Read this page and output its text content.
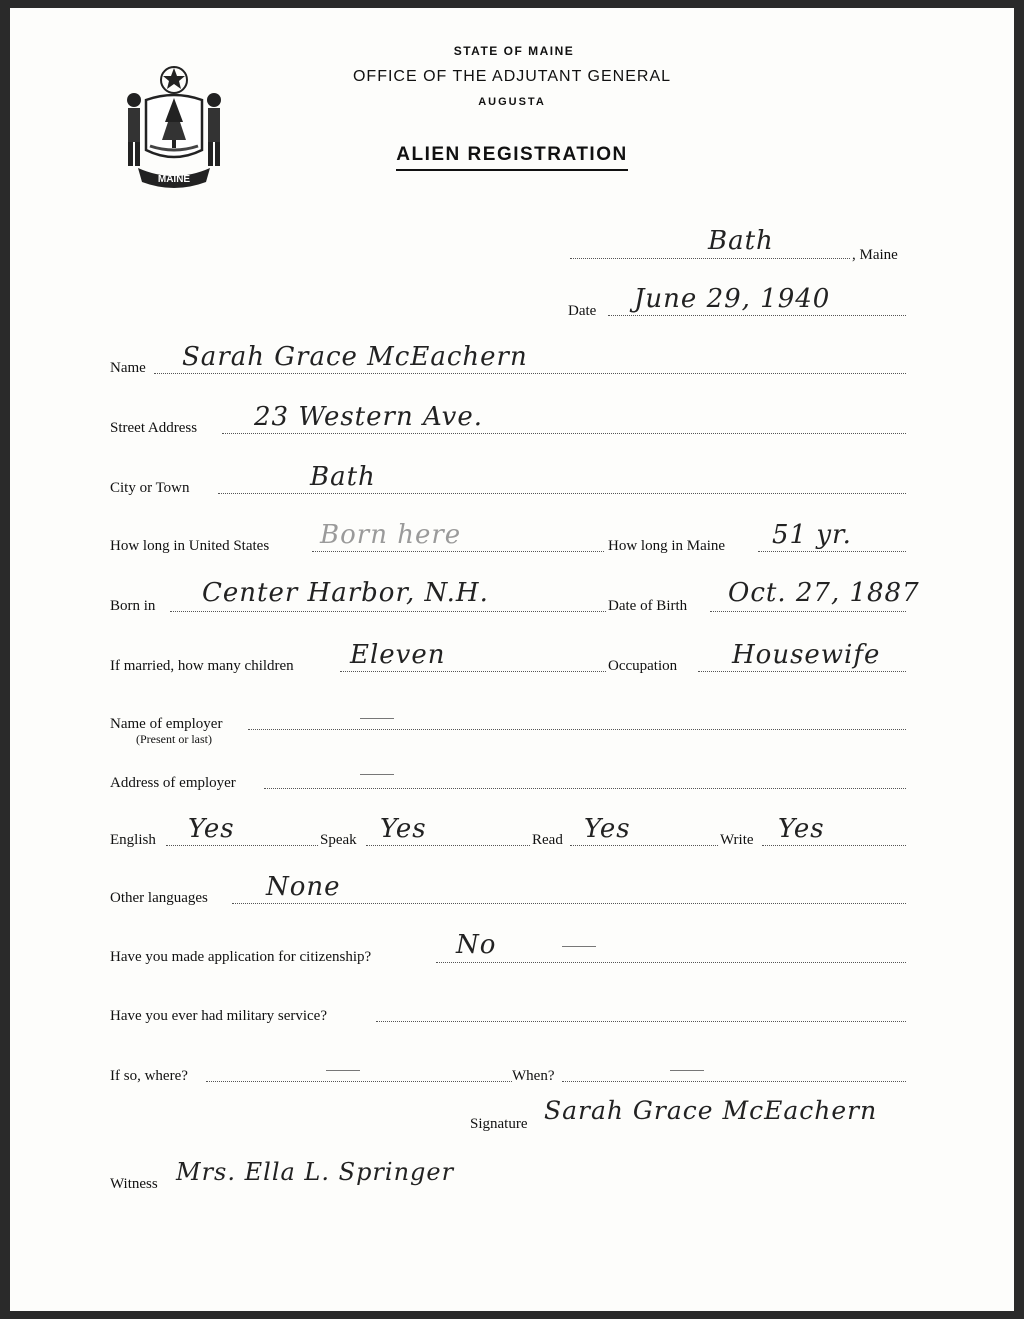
MAINE
STATE OF MAINE
OFFICE OF THE ADJUTANT GENERAL
AUGUSTA
ALIEN REGISTRATION
Bath	, Maine
Date June 29, 1940
Name Sarah Grace McEachern
Street Address 23 Western Ave.
City or Town	Bath
How long in United States Born here	How long in Maine 51 yr.
Born in Center Harbor, N.H.	Date of Birth Oct. 27, 1887
If married, how many children Eleven	Occupation Housewife
Name of employer
(Present or last)
Address of employer
English Yes	Speak Yes	Read Yes	Write Yes
Other languages None
Have you made application for citizenship?	No
Have you ever had military service?
If so, where?	When?
Signature Sarah Grace McEachern
Witness Mrs. Ella L. Springer
